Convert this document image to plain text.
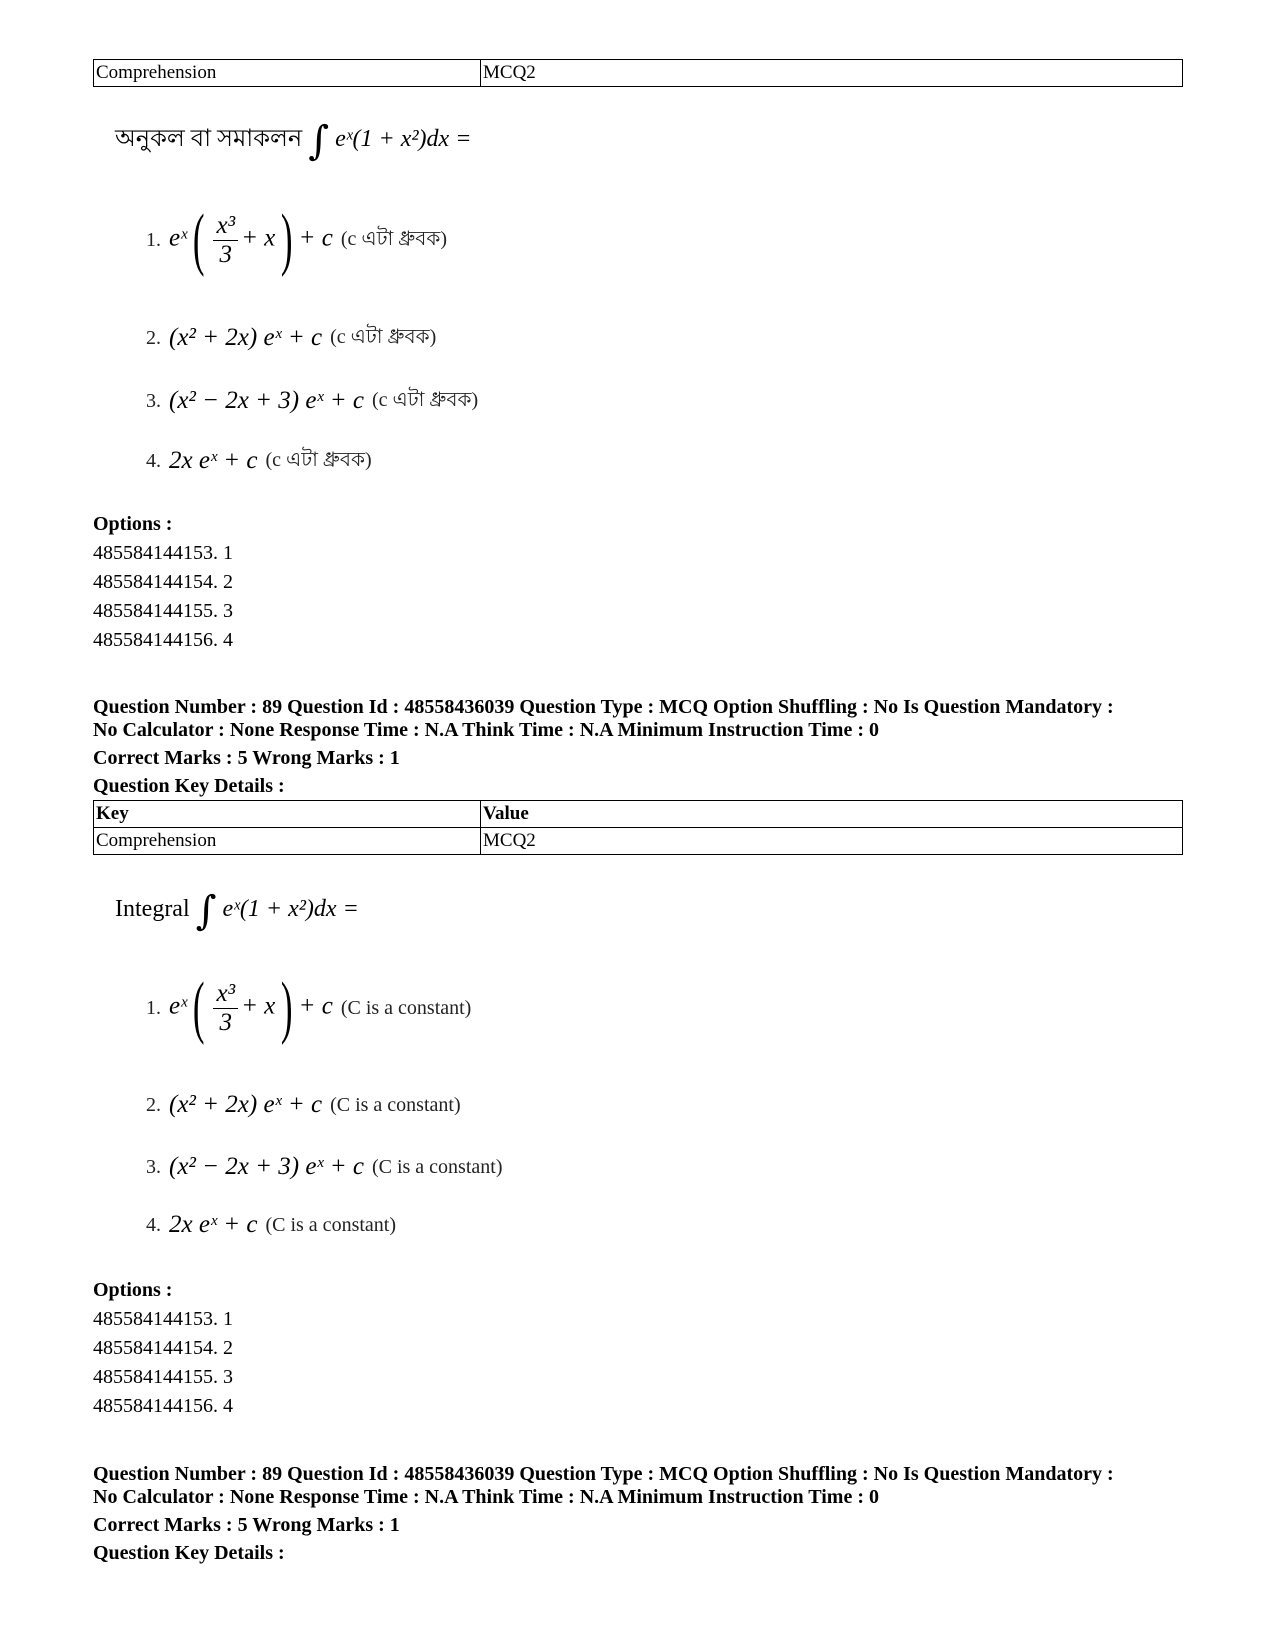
Comprehension	MCQ2
অনুকল বা সমাকলন ∫ eˣ(1 + x²)dx =
1. eˣ( $\frac{\text{x³}}{3} + x) + c$ (c এটা ধ্রুবক)
2. (x² + 2x) eˣ + c (c এটা ধ্রুবক)
3. (x² − 2x + 3) eˣ + c (c এটা ধ্রুবক)
4. 2x eˣ + c (c এটা ধ্রুবক)
Options :
485584144153. 1
485584144154. 2
485584144155. 3
485584144156. 4
Question Number : 89 Question Id : 48558436039 Question Type : MCQ Option Shuffling : No Is Question Mandatory :
No Calculator : None Response Time : N.A Think Time : N.A Minimum Instruction Time : 0
Correct Marks : 5 Wrong Marks : 1
Question Key Details :
Key	Value
Comprehension	MCQ2
Integral ∫ eˣ(1 + x²)dx =
1. eˣ( $\frac{\text{x³}}{3} + x) + c$ (C is a constant)
2. (x² + 2x) eˣ + c (C is a constant)
3. (x² − 2x + 3) eˣ + c (C is a constant)
4. 2x eˣ + c (C is a constant)
Options :
485584144153. 1
485584144154. 2
485584144155. 3
485584144156. 4
Question Number : 89 Question Id : 48558436039 Question Type : MCQ Option Shuffling : No Is Question Mandatory :
No Calculator : None Response Time : N.A Think Time : N.A Minimum Instruction Time : 0
Correct Marks : 5 Wrong Marks : 1
Question Key Details :
